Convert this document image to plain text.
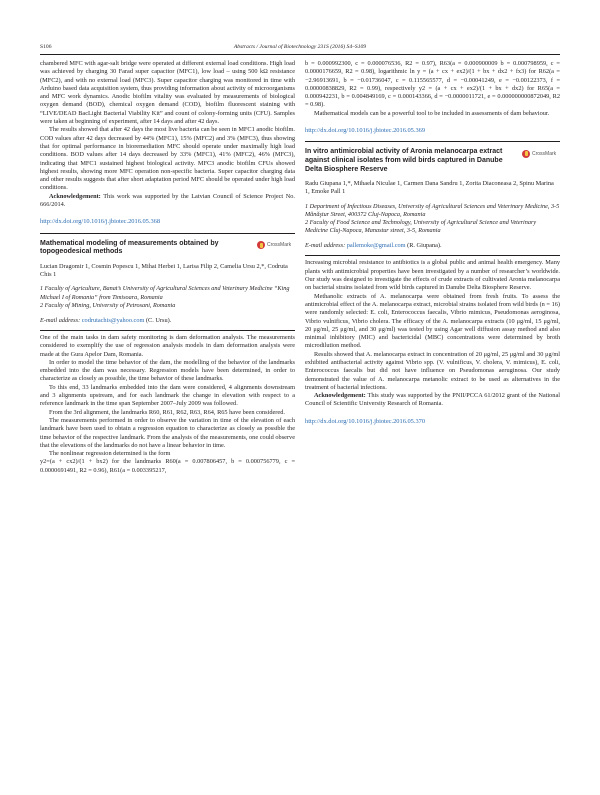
S106	Abstracts / Journal of Biotechnology 231S (2016) S4–S109

chambered MFC with agar-salt bridge were operated at different external load conditions. High load was achieved by charging 30 Farad super capacitor (MFC1), low load – using 500 kΩ resistance (MFC2), and with no external load (MFC3). Super capacitor charging was monitored in time with Arduino based data acquisition system, thus providing information about activity of microorganisms and MFC work dynamics. Anodic biofilm vitality was evaluated by measurements of biological oxygen demand (BOD), chemical oxygen demand (COD), biofilm fluorescent staining with “LIVE/DEAD BacLight Bacterial Viability Kit” and count of colony-forming units (CFU). Samples were taken at beginning of experiment, after 14 days and after 42 days.

The results showed that after 42 days the most live bacteria can be seen in MFC1 anodic biofilm. COD values after 42 days decreased by 44% (MFC1), 15% (MFC2) and 3% (MFC3), thus showing that for optimal performance in bioremediation MFC should operate under maximally high load conditions. BOD values after 14 days decreased by 33% (MFC1), 41% (MFC2), 46% (MFC3), indicating that MFC1 sustained highest biological activity. MFC3 anodic biofilm CFUs showed highest results, showing more MFC operation non-specific bacteria. Super capacitor charging data and other results suggests that after short adaptation period MFC should be operated under high load conditions.

Acknowledgement: This work was supported by the Latvian Council of Science Project No. 666/2014.

http://dx.doi.org/10.1016/j.jbiotec.2016.05.368
Mathematical modeling of measurements obtained by topogeodesical methods
CrossMark
Lucian Dragomir 1, Cosmin Popescu 1, Mihai Herbei 1, Larisa Filip 2, Camelia Ursu 2,*, Codruta Chis 1
1 Faculty of Agriculture, Banat’s University of Agricultural Sciences and Veterinary Medicine “King Michael I of Romania” from Timisoara, Romania
2 Faculty of Mining, University of Petrosani, Romania
E-mail address: codrutachis@yahoo.com (C. Ursu).

One of the main tasks in dam safety monitoring is dam deformation analysis. The measurements considered to exemplify the use of regression analysis models in dam deformation analysis were made at the Gura Apelor Dam, Romania.

In order to model the time behavior of the dam, the modelling of the behavior of the landmarks embedded into the dam was necessary. Regression models have been determined, in order to characterize as closely as possible, the time behavior of these landmarks.

To this end, 33 landmarks embedded into the dam were considered, 4 alignments downstream and 3 alignments upstream, and for each landmark the change in elevation with respect to a reference landmark in the time span September 2007–July 2009 was followed.

From the 3rd alignment, the landmarks R60, R61, R62, R63, R64, R65 have been considered.

The measurements performed in order to observe the variation in time of the elevation of each landmark have been used to obtain a regression equation to characterize as closely as possible the time behavior of the respective landmark. From the analysis of the measurements, one could observe that the elevations of the landmarks do not have a linear behavior in time.

The nonlinear regression determined is the form

y2=(a + cx2)/(1 + bx2) for the landmarks R60(a = 0.007806457, b = 0.000756779, c = 0.0000691491, R2 = 0.96), R61(a = 0.003395217,

b = 0.000992300, c = 0.000076536, R2 = 0.97), R63(a = 0.000900009 b = 0.000798959, c = 0.0000176659, R2 = 0.98), logarithmic ln y = (a + cx + ex2)/(1 + bx + dx2 + fx3) for R62(a = −2.96913691, b = −0.01736047, c = 0.115565577, d = −0.00041249, e = −0.00122373, f = 0.00000838829, R2 = 0.99), respectively y2 = (a + cx + ex2)/(1 + bx + dx2) for R65(a = 0.000942231, b = 0.004849169, c = 0.000143366, d = −0.0000011721, e = 0.000000000872049, R2 = 0.98).

Mathematical models can be a powerful tool to be included in assessments of dam behaviour.

http://dx.doi.org/10.1016/j.jbiotec.2016.05.369
In vitro antimicrobial activity of Aronia melanocarpa extract against clinical isolates from wild birds captured in Danube Delta Biosphere Reserve
CrossMark
Radu Giupana 1,*, Mihaela Niculae 1, Carmen Dana Sandru 1, Zorita Diaconeasa 2, Spinu Marina 1, Emoke Pall 1
1 Department of Infectious Diseases, University of Agricultural Sciences and Veterinary Medicine, 3-5 Mănăştur Street, 400372 Cluj-Napoca, Romania
2 Faculty of Food Science and Technology, University of Agricultural Science and Veterinary Medicine Cluj-Napoca, Manastur street, 3-5, Romania
E-mail address: pallemoke@gmail.com (R. Giupana).

Increasing microbial resistance to antibiotics is a global public and animal health emergency. Many plants with antimicrobial properties have been investigated by a number of researcher’s worldwide. Our study was designed to investigate the effects of crude extracts of cultivated Aronia melanocarpa on bacterial strains isolated from wild birds captured in Danube Delta Biosphere Reserve.

Methanolic extracts of A. melanocarpa were obtained from fresh fruits. To assess the antimicrobial effect of the A. melanocarpa extract, microbial strains isolated from wild birds (n = 16) were randomly selected: E. coli, Enterococcus faecalis, Vibrio mimicus, Pseudomonas aeroginosa, Vibrio vulnificus, Vibrio cholera. The efficacy of the A. melanocarpa extracts (10 μg/ml, 15 μg/ml, 20 μg/ml, 25 μg/ml, and 30 μg/ml) was tested by using Agar well diffusion assay method and also minimal inhibitory (MIC) and bactericidal (MBC) concentrations were determined by broth microdilution method.

Results showed that A. melanocarpa extract in concentration of 20 μg/ml, 25 μg/ml and 30 μg/ml exhibited antibacterial activity against Vibrio spp. (V. vulnificus, V. cholera, V. mimicus), E. coli, Enterococcus faecalis but did not have influence on Pseudomonas aeruginosa. Our study demonstrated the value of A. melanocarpa metanolic extract to be used as alternatives in the treatment of bacterial infections.

Acknowledgement: This study was supported by the PNII/PCCA 61/2012 grant of the National Council of Scientific University Research of Romania.

http://dx.doi.org/10.1016/j.jbiotec.2016.05.370
